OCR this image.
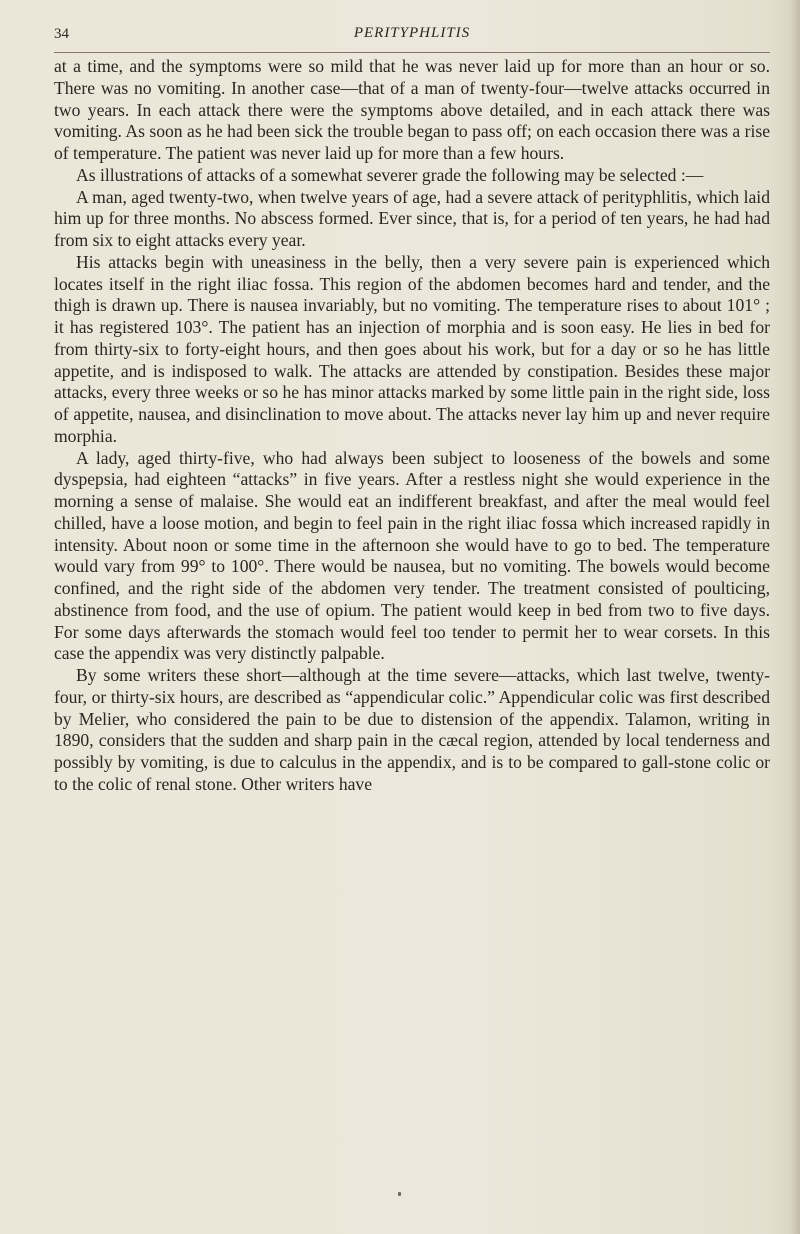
34	PERITYPHLITIS

at a time, and the symptoms were so mild that he was never laid up for more than an hour or so. There was no vomiting. In another case—that of a man of twenty-four—twelve attacks occurred in two years. In each attack there were the symptoms above detailed, and in each attack there was vomiting. As soon as he had been sick the trouble began to pass off; on each occasion there was a rise of temperature. The patient was never laid up for more than a few hours.

As illustrations of attacks of a somewhat severer grade the following may be selected :—

A man, aged twenty-two, when twelve years of age, had a severe attack of perityphlitis, which laid him up for three months. No abscess formed. Ever since, that is, for a period of ten years, he had had from six to eight attacks every year.

His attacks begin with uneasiness in the belly, then a very severe pain is experienced which locates itself in the right iliac fossa. This region of the abdomen becomes hard and tender, and the thigh is drawn up. There is nausea invariably, but no vomiting. The temperature rises to about 101° ; it has registered 103°. The patient has an injection of morphia and is soon easy. He lies in bed for from thirty-six to forty-eight hours, and then goes about his work, but for a day or so he has little appetite, and is indisposed to walk. The attacks are attended by constipation. Besides these major attacks, every three weeks or so he has minor attacks marked by some little pain in the right side, loss of appetite, nausea, and disinclination to move about. The attacks never lay him up and never require morphia.

A lady, aged thirty-five, who had always been subject to looseness of the bowels and some dyspepsia, had eighteen “attacks” in five years. After a restless night she would experience in the morning a sense of malaise. She would eat an indifferent breakfast, and after the meal would feel chilled, have a loose motion, and begin to feel pain in the right iliac fossa which increased rapidly in intensity. About noon or some time in the afternoon she would have to go to bed. The temperature would vary from 99° to 100°. There would be nausea, but no vomiting. The bowels would become confined, and the right side of the abdomen very tender. The treatment consisted of poulticing, abstinence from food, and the use of opium. The patient would keep in bed from two to five days. For some days afterwards the stomach would feel too tender to permit her to wear corsets. In this case the appendix was very distinctly palpable.

By some writers these short—although at the time severe—attacks, which last twelve, twenty-four, or thirty-six hours, are described as “appendicular colic.” Appendicular colic was first described by Melier, who considered the pain to be due to distension of the appendix. Talamon, writing in 1890, considers that the sudden and sharp pain in the cæcal region, attended by local tenderness and possibly by vomiting, is due to calculus in the appendix, and is to be compared to gall-stone colic or to the colic of renal stone. Other writers have
